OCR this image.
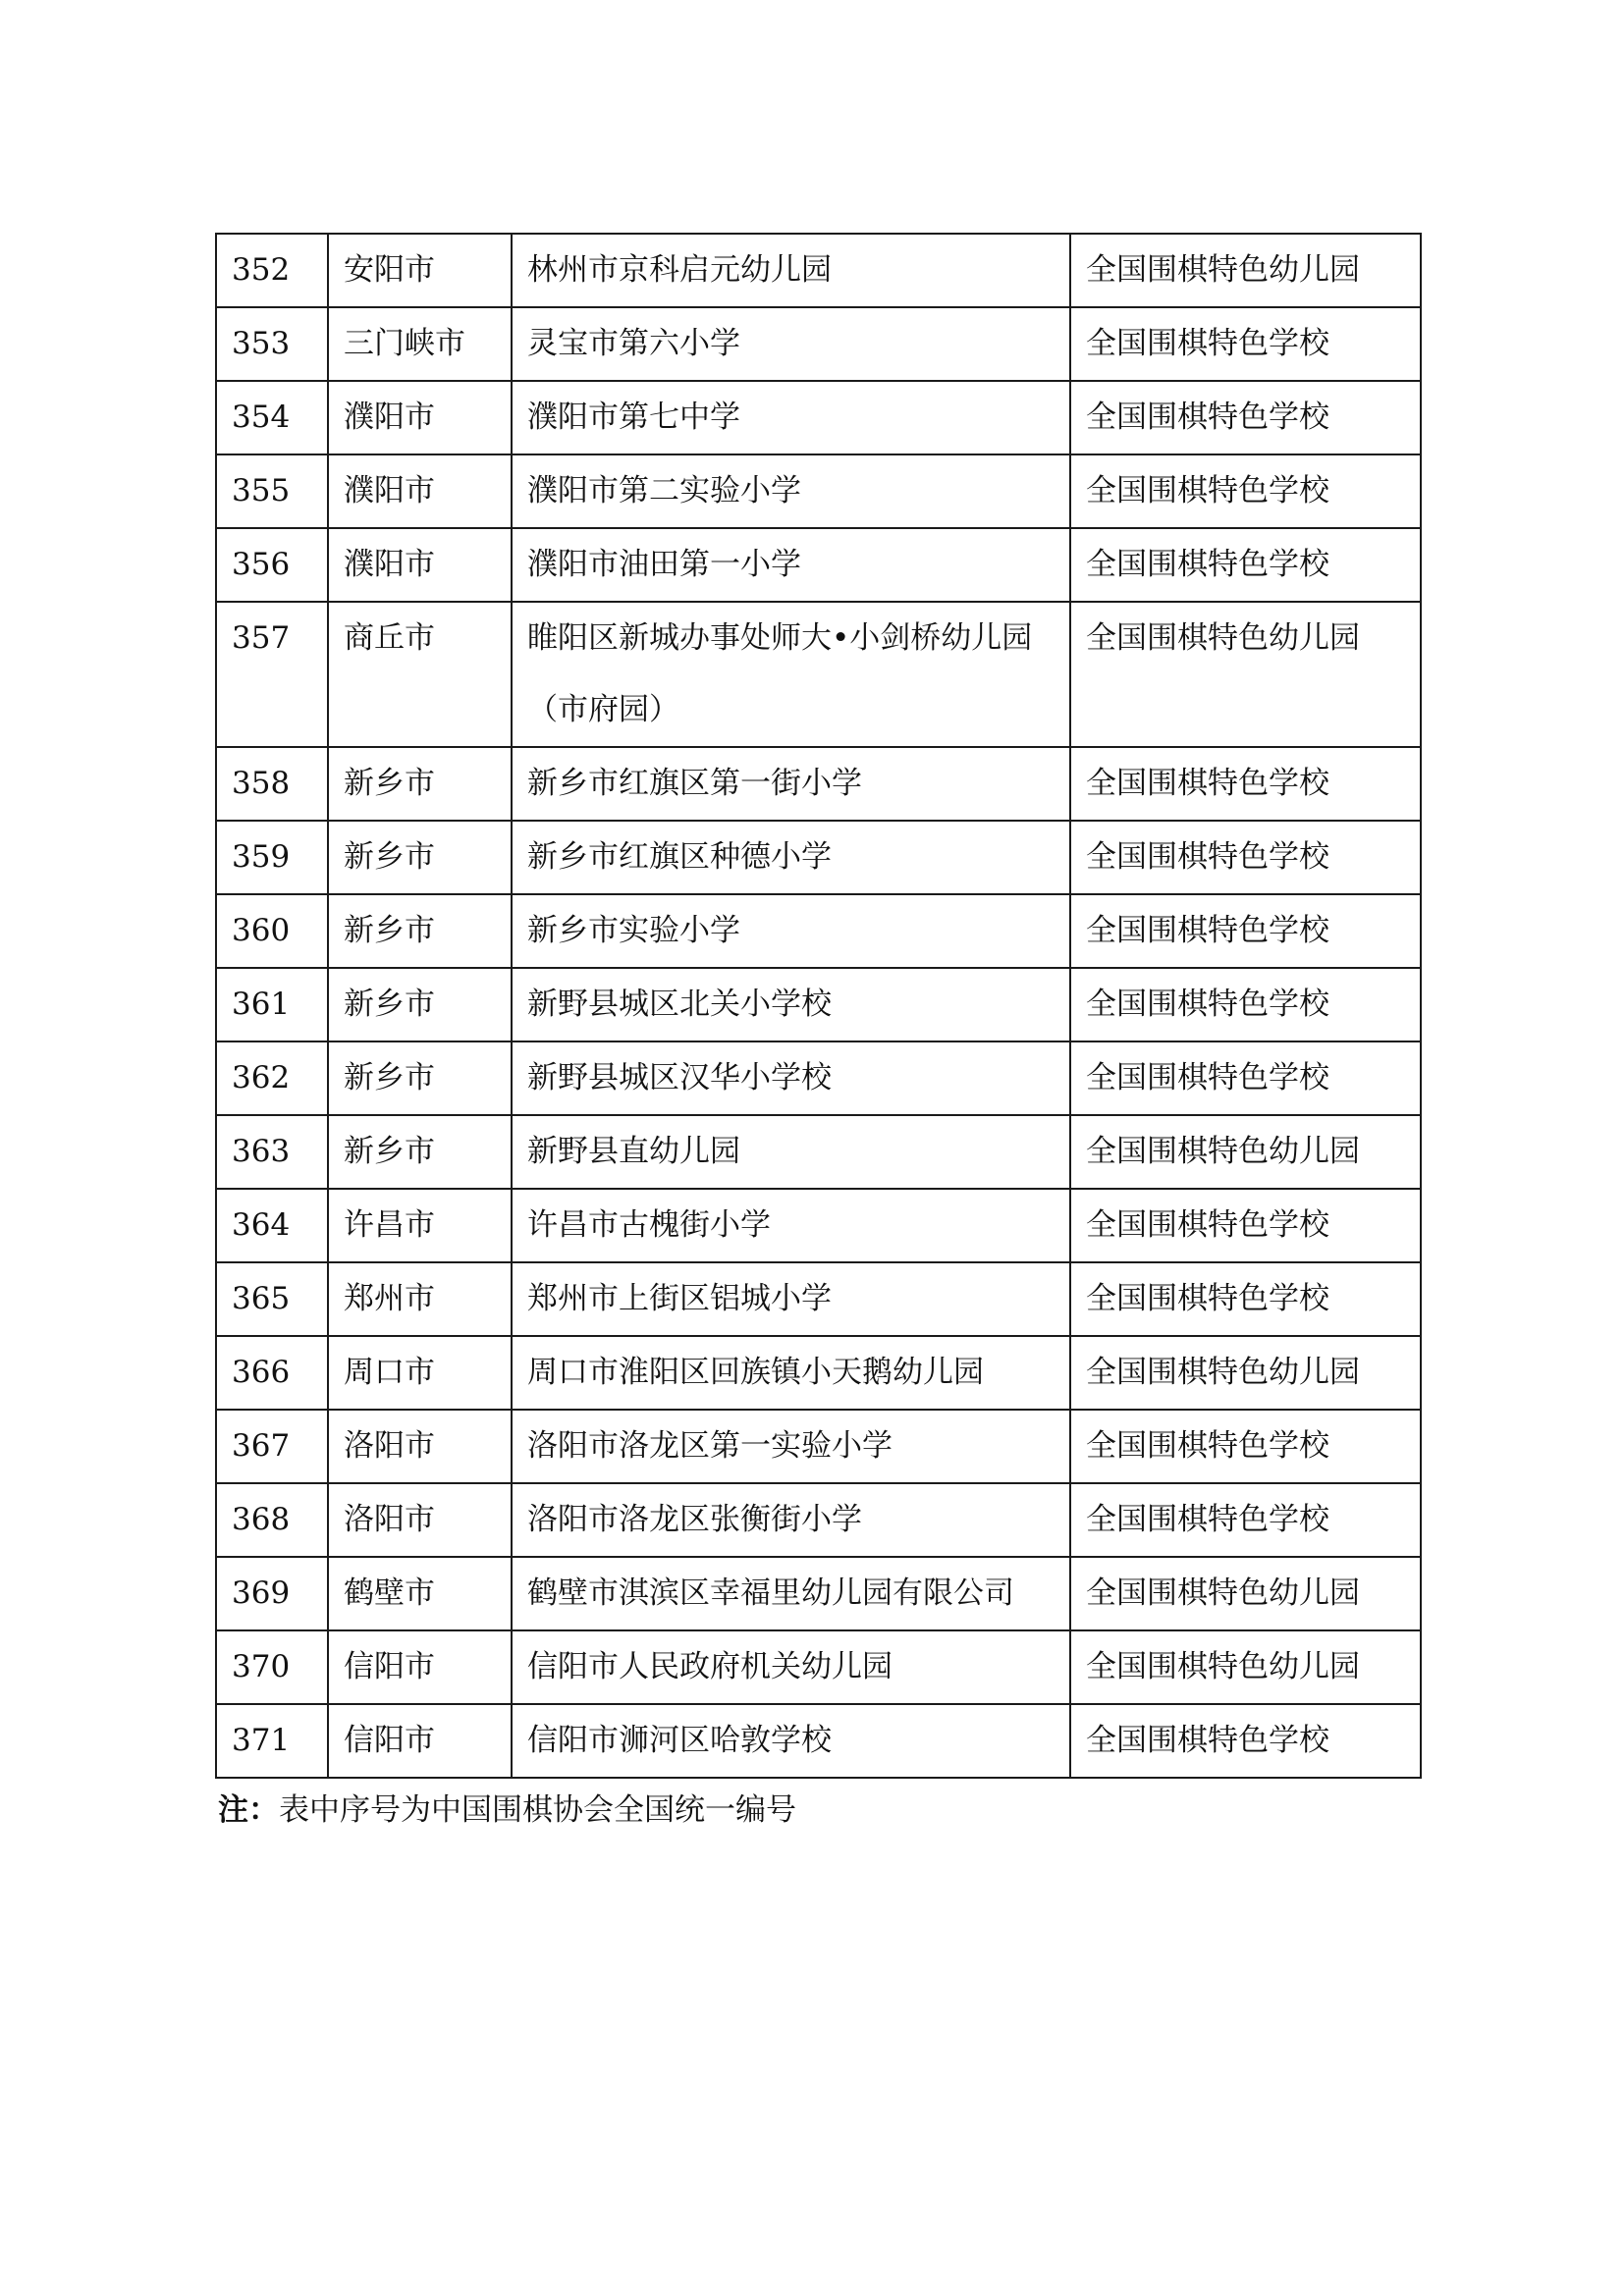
352	安阳市	林州市京科启元幼儿园	全国围棋特色幼儿园
353	三门峡市	灵宝市第六小学	全国围棋特色学校
354	濮阳市	濮阳市第七中学	全国围棋特色学校
355	濮阳市	濮阳市第二实验小学	全国围棋特色学校
356	濮阳市	濮阳市油田第一小学	全国围棋特色学校
357	商丘市	睢阳区新城办事处师大•小剑桥幼儿园 （市府园）	全国围棋特色幼儿园
358	新乡市	新乡市红旗区第一街小学	全国围棋特色学校
359	新乡市	新乡市红旗区种德小学	全国围棋特色学校
360	新乡市	新乡市实验小学	全国围棋特色学校
361	新乡市	新野县城区北关小学校	全国围棋特色学校
362	新乡市	新野县城区汉华小学校	全国围棋特色学校
363	新乡市	新野县直幼儿园	全国围棋特色幼儿园
364	许昌市	许昌市古槐街小学	全国围棋特色学校
365	郑州市	郑州市上街区铝城小学	全国围棋特色学校
366	周口市	周口市淮阳区回族镇小天鹅幼儿园	全国围棋特色幼儿园
367	洛阳市	洛阳市洛龙区第一实验小学	全国围棋特色学校
368	洛阳市	洛阳市洛龙区张衡街小学	全国围棋特色学校
369	鹤壁市	鹤壁市淇滨区幸福里幼儿园有限公司	全国围棋特色幼儿园
370	信阳市	信阳市人民政府机关幼儿园	全国围棋特色幼儿园
371	信阳市	信阳市浉河区哈敦学校	全国围棋特色学校
注：表中序号为中国围棋协会全国统一编号
